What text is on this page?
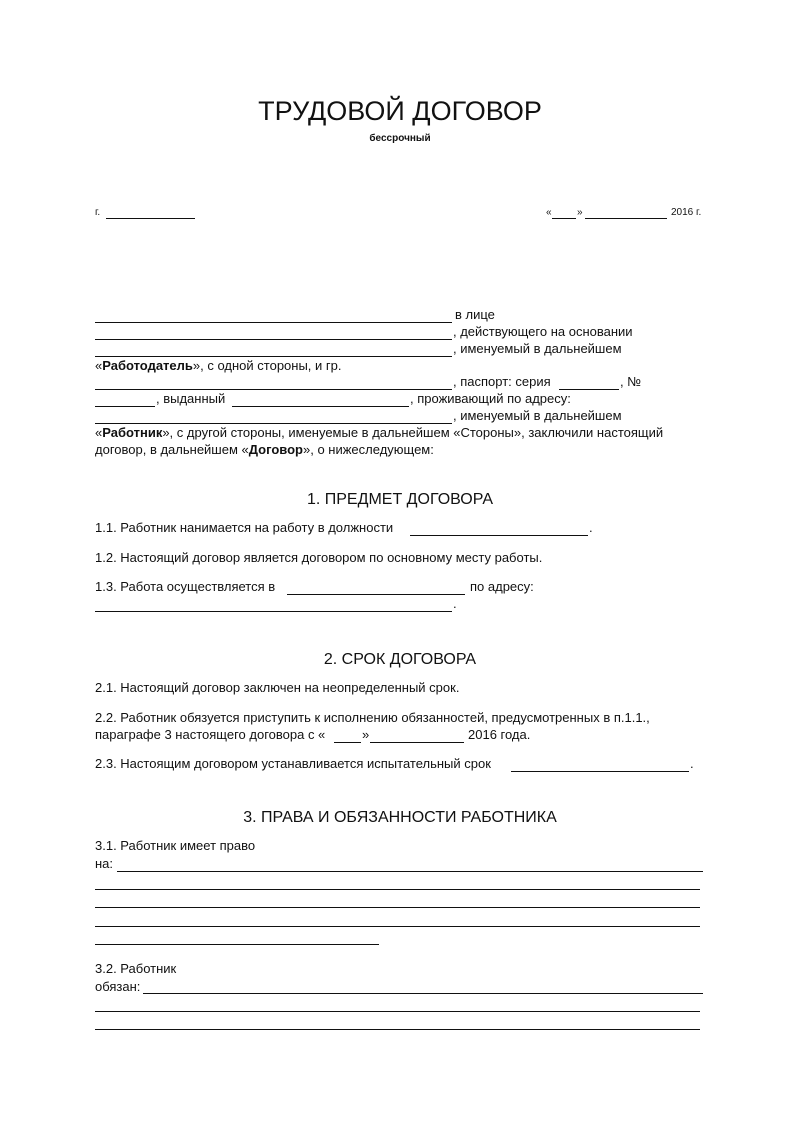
ТРУДОВОЙ ДОГОВОР
бессрочный
г.	«	»	2016 г.
в лице
, действующего на основании
, именуемый в дальнейшем
«Работодатель», с одной стороны, и гр.
, паспорт: серия	, №
, выданный	, проживающий по адресу:
, именуемый в дальнейшем
«Работник», с другой стороны, именуемые в дальнейшем «Стороны», заключили настоящий
договор, в дальнейшем «Договор», о нижеследующем:
1. ПРЕДМЕТ ДОГОВОРА
1.1. Работник нанимается на работу в должности	.
1.2. Настоящий договор является договором по основному месту работы.
1.3. Работа осуществляется в	по адресу:
.
2. СРОК ДОГОВОРА
2.1. Настоящий договор заключен на неопределенный срок.
2.2. Работник обязуется приступить к исполнению обязанностей, предусмотренных в п.1.1.,
параграфе 3 настоящего договора с «	»	2016 года.
2.3. Настоящим договором устанавливается испытательный срок	.
3. ПРАВА И ОБЯЗАННОСТИ РАБОТНИКА
3.1. Работник имеет право
на:
3.2. Работник
обязан:
